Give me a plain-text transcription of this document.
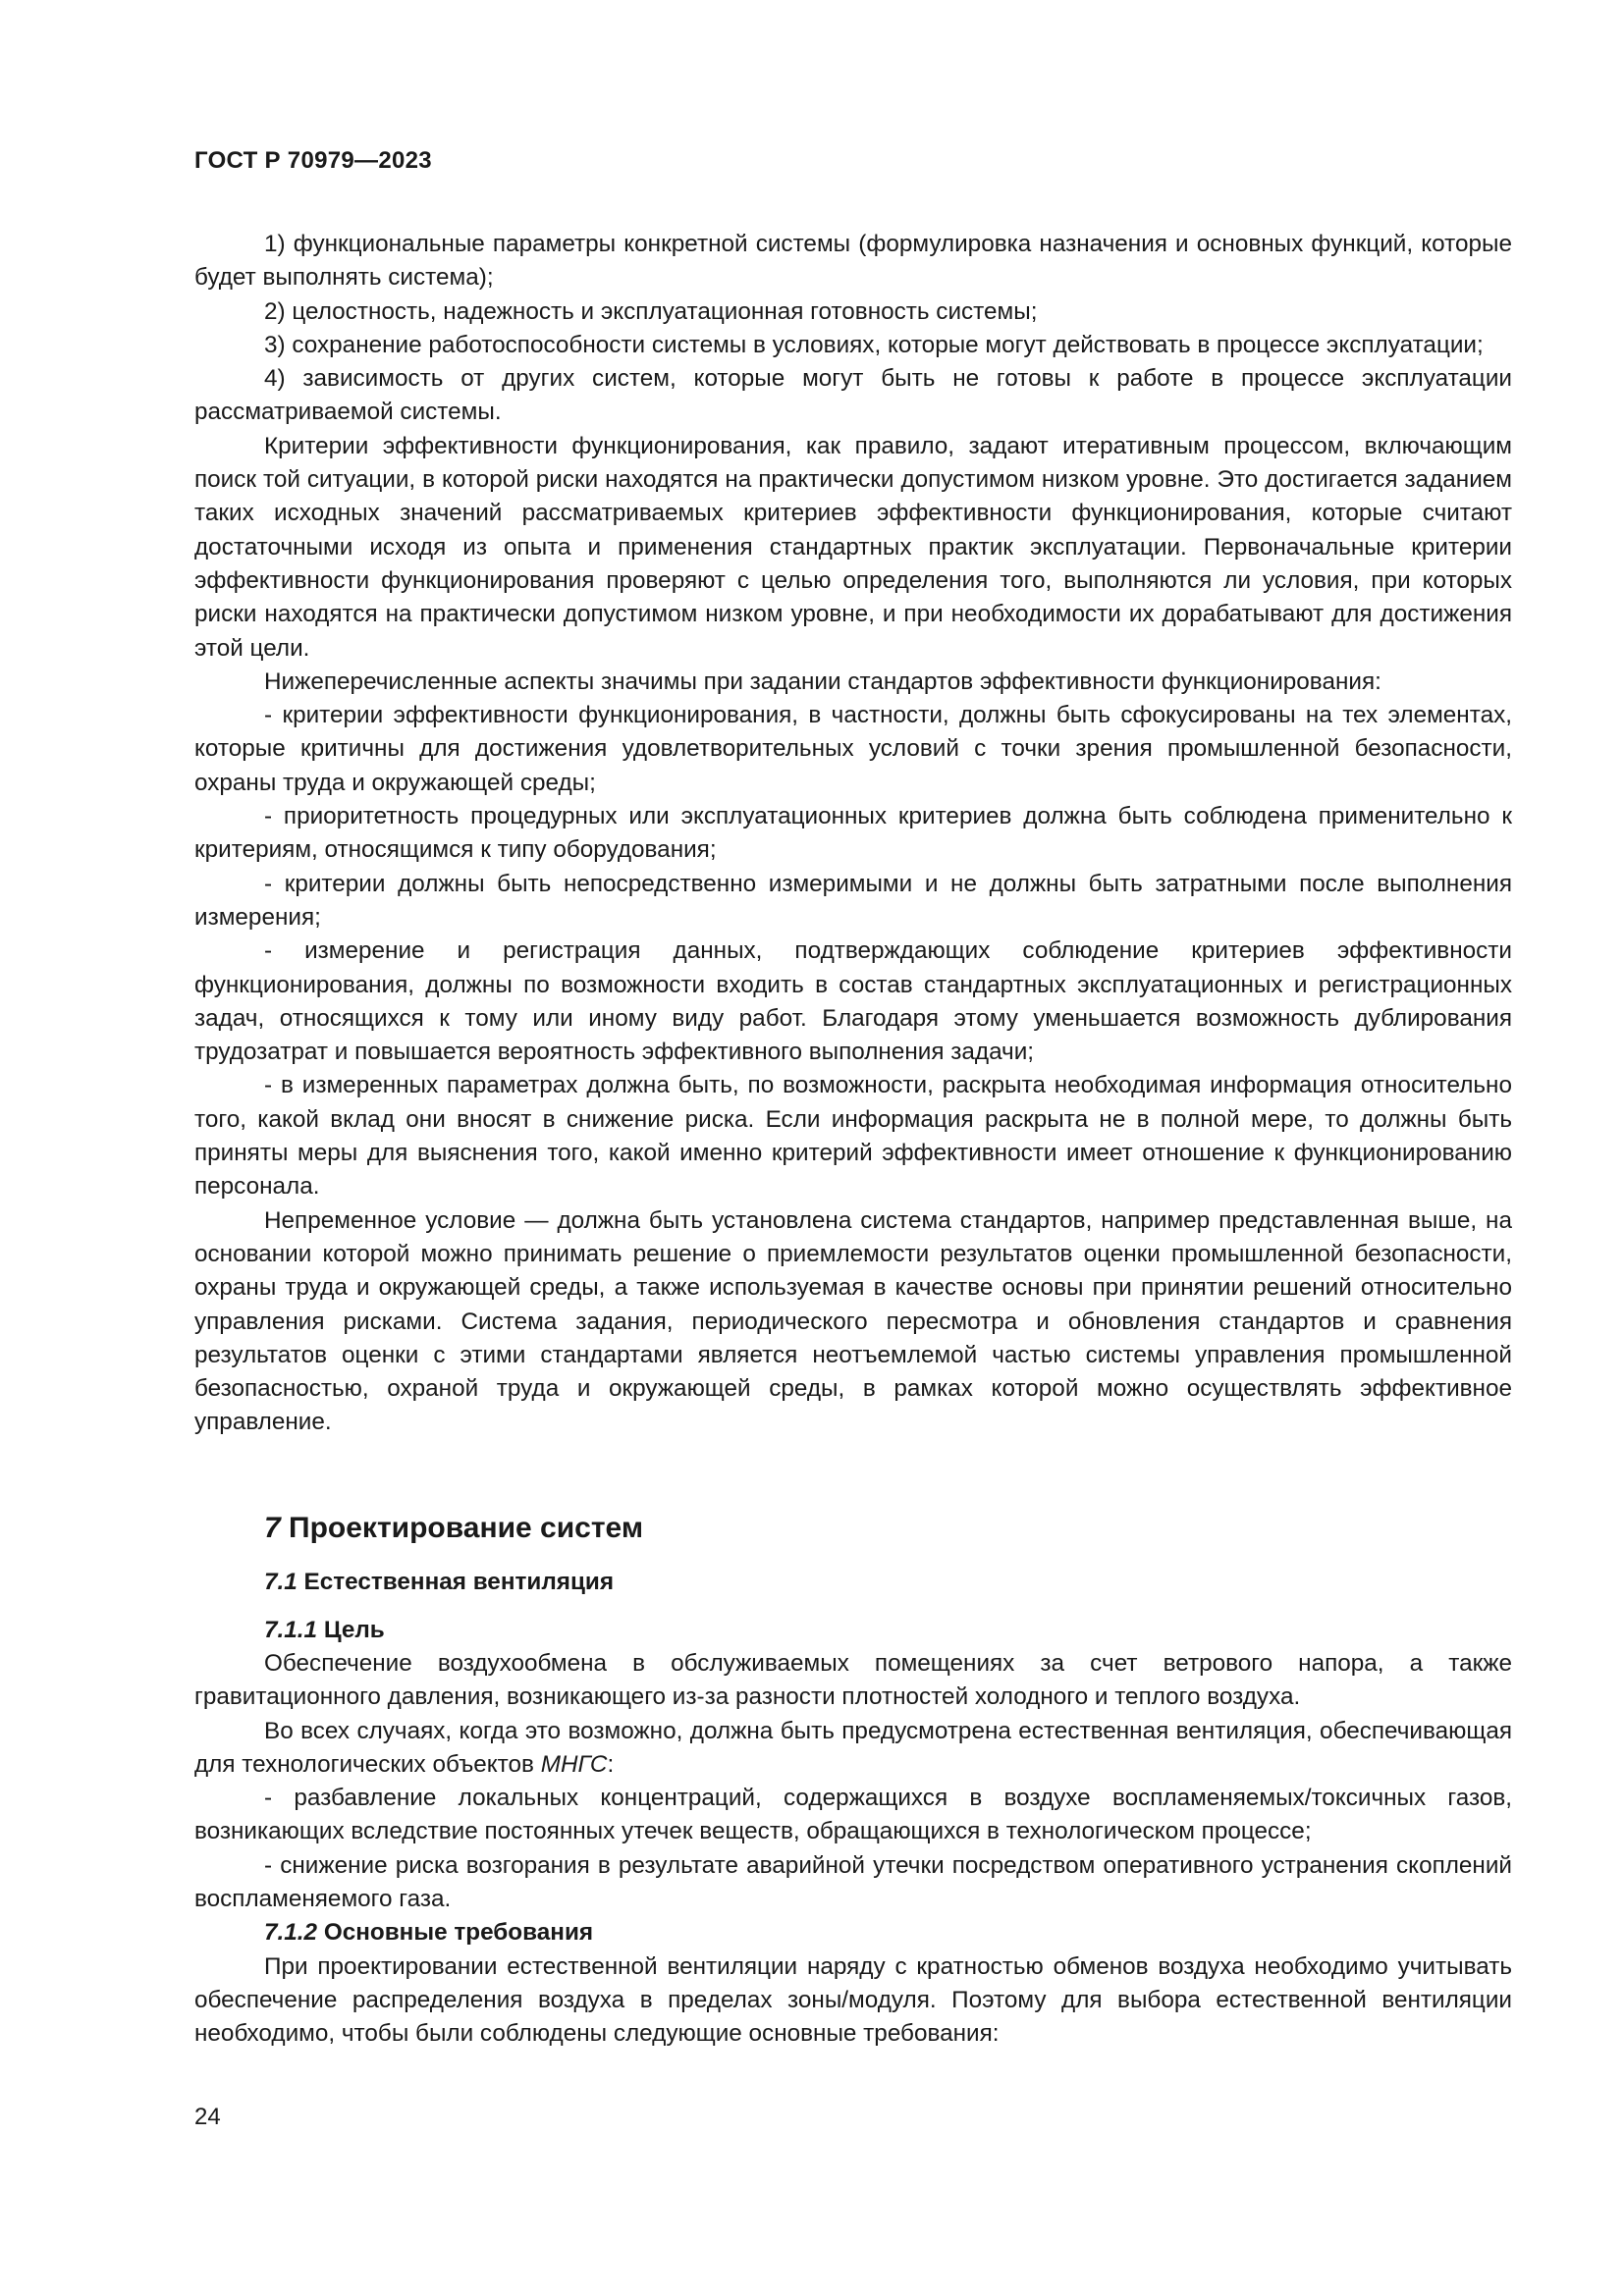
ГОСТ Р 70979—2023

1) функциональные параметры конкретной системы (формулировка назначения и основных функций, которые будет выполнять система);

2) целостность, надежность и эксплуатационная готовность системы;

3) сохранение работоспособности системы в условиях, которые могут действовать в процессе эксплуатации;

4) зависимость от других систем, которые могут быть не готовы к работе в процессе эксплуатации рассматриваемой системы.

Критерии эффективности функционирования, как правило, задают итеративным процессом, включающим поиск той ситуации, в которой риски находятся на практически допустимом низком уровне. Это достигается заданием таких исходных значений рассматриваемых критериев эффективности функционирования, которые считают достаточными исходя из опыта и применения стандартных практик эксплуатации. Первоначальные критерии эффективности функционирования проверяют с целью определения того, выполняются ли условия, при которых риски находятся на практически допустимом низком уровне, и при необходимости их дорабатывают для достижения этой цели.

Нижеперечисленные аспекты значимы при задании стандартов эффективности функционирования:

- критерии эффективности функционирования, в частности, должны быть сфокусированы на тех элементах, которые критичны для достижения удовлетворительных условий с точки зрения промышленной безопасности, охраны труда и окружающей среды;

- приоритетность процедурных или эксплуатационных критериев должна быть соблюдена применительно к критериям, относящимся к типу оборудования;

- критерии должны быть непосредственно измеримыми и не должны быть затратными после выполнения измерения;

- измерение и регистрация данных, подтверждающих соблюдение критериев эффективности функционирования, должны по возможности входить в состав стандартных эксплуатационных и регистрационных задач, относящихся к тому или иному виду работ. Благодаря этому уменьшается возможность дублирования трудозатрат и повышается вероятность эффективного выполнения задачи;

- в измеренных параметрах должна быть, по возможности, раскрыта необходимая информация относительно того, какой вклад они вносят в снижение риска. Если информация раскрыта не в полной мере, то должны быть приняты меры для выяснения того, какой именно критерий эффективности имеет отношение к функционированию персонала.

Непременное условие — должна быть установлена система стандартов, например представленная выше, на основании которой можно принимать решение о приемлемости результатов оценки промышленной безопасности, охраны труда и окружающей среды, а также используемая в качестве основы при принятии решений относительно управления рисками. Система задания, периодического пересмотра и обновления стандартов и сравнения результатов оценки с этими стандартами является неотъемлемой частью системы управления промышленной безопасностью, охраной труда и окружающей среды, в рамках которой можно осуществлять эффективное управление.

7 Проектирование систем
7.1 Естественная вентиляция
7.1.1 Цель

Обеспечение воздухообмена в обслуживаемых помещениях за счет ветрового напора, а также гравитационного давления, возникающего из-за разности плотностей холодного и теплого воздуха.

Во всех случаях, когда это возможно, должна быть предусмотрена естественная вентиляция, обеспечивающая для технологических объектов МНГС:

- разбавление локальных концентраций, содержащихся в воздухе воспламеняемых/токсичных газов, возникающих вследствие постоянных утечек веществ, обращающихся в технологическом процессе;

- снижение риска возгорания в результате аварийной утечки посредством оперативного устранения скоплений воспламеняемого газа.

7.1.2 Основные требования

При проектировании естественной вентиляции наряду с кратностью обменов воздуха необходимо учитывать обеспечение распределения воздуха в пределах зоны/модуля. Поэтому для выбора естественной вентиляции необходимо, чтобы были соблюдены следующие основные требования:

24
